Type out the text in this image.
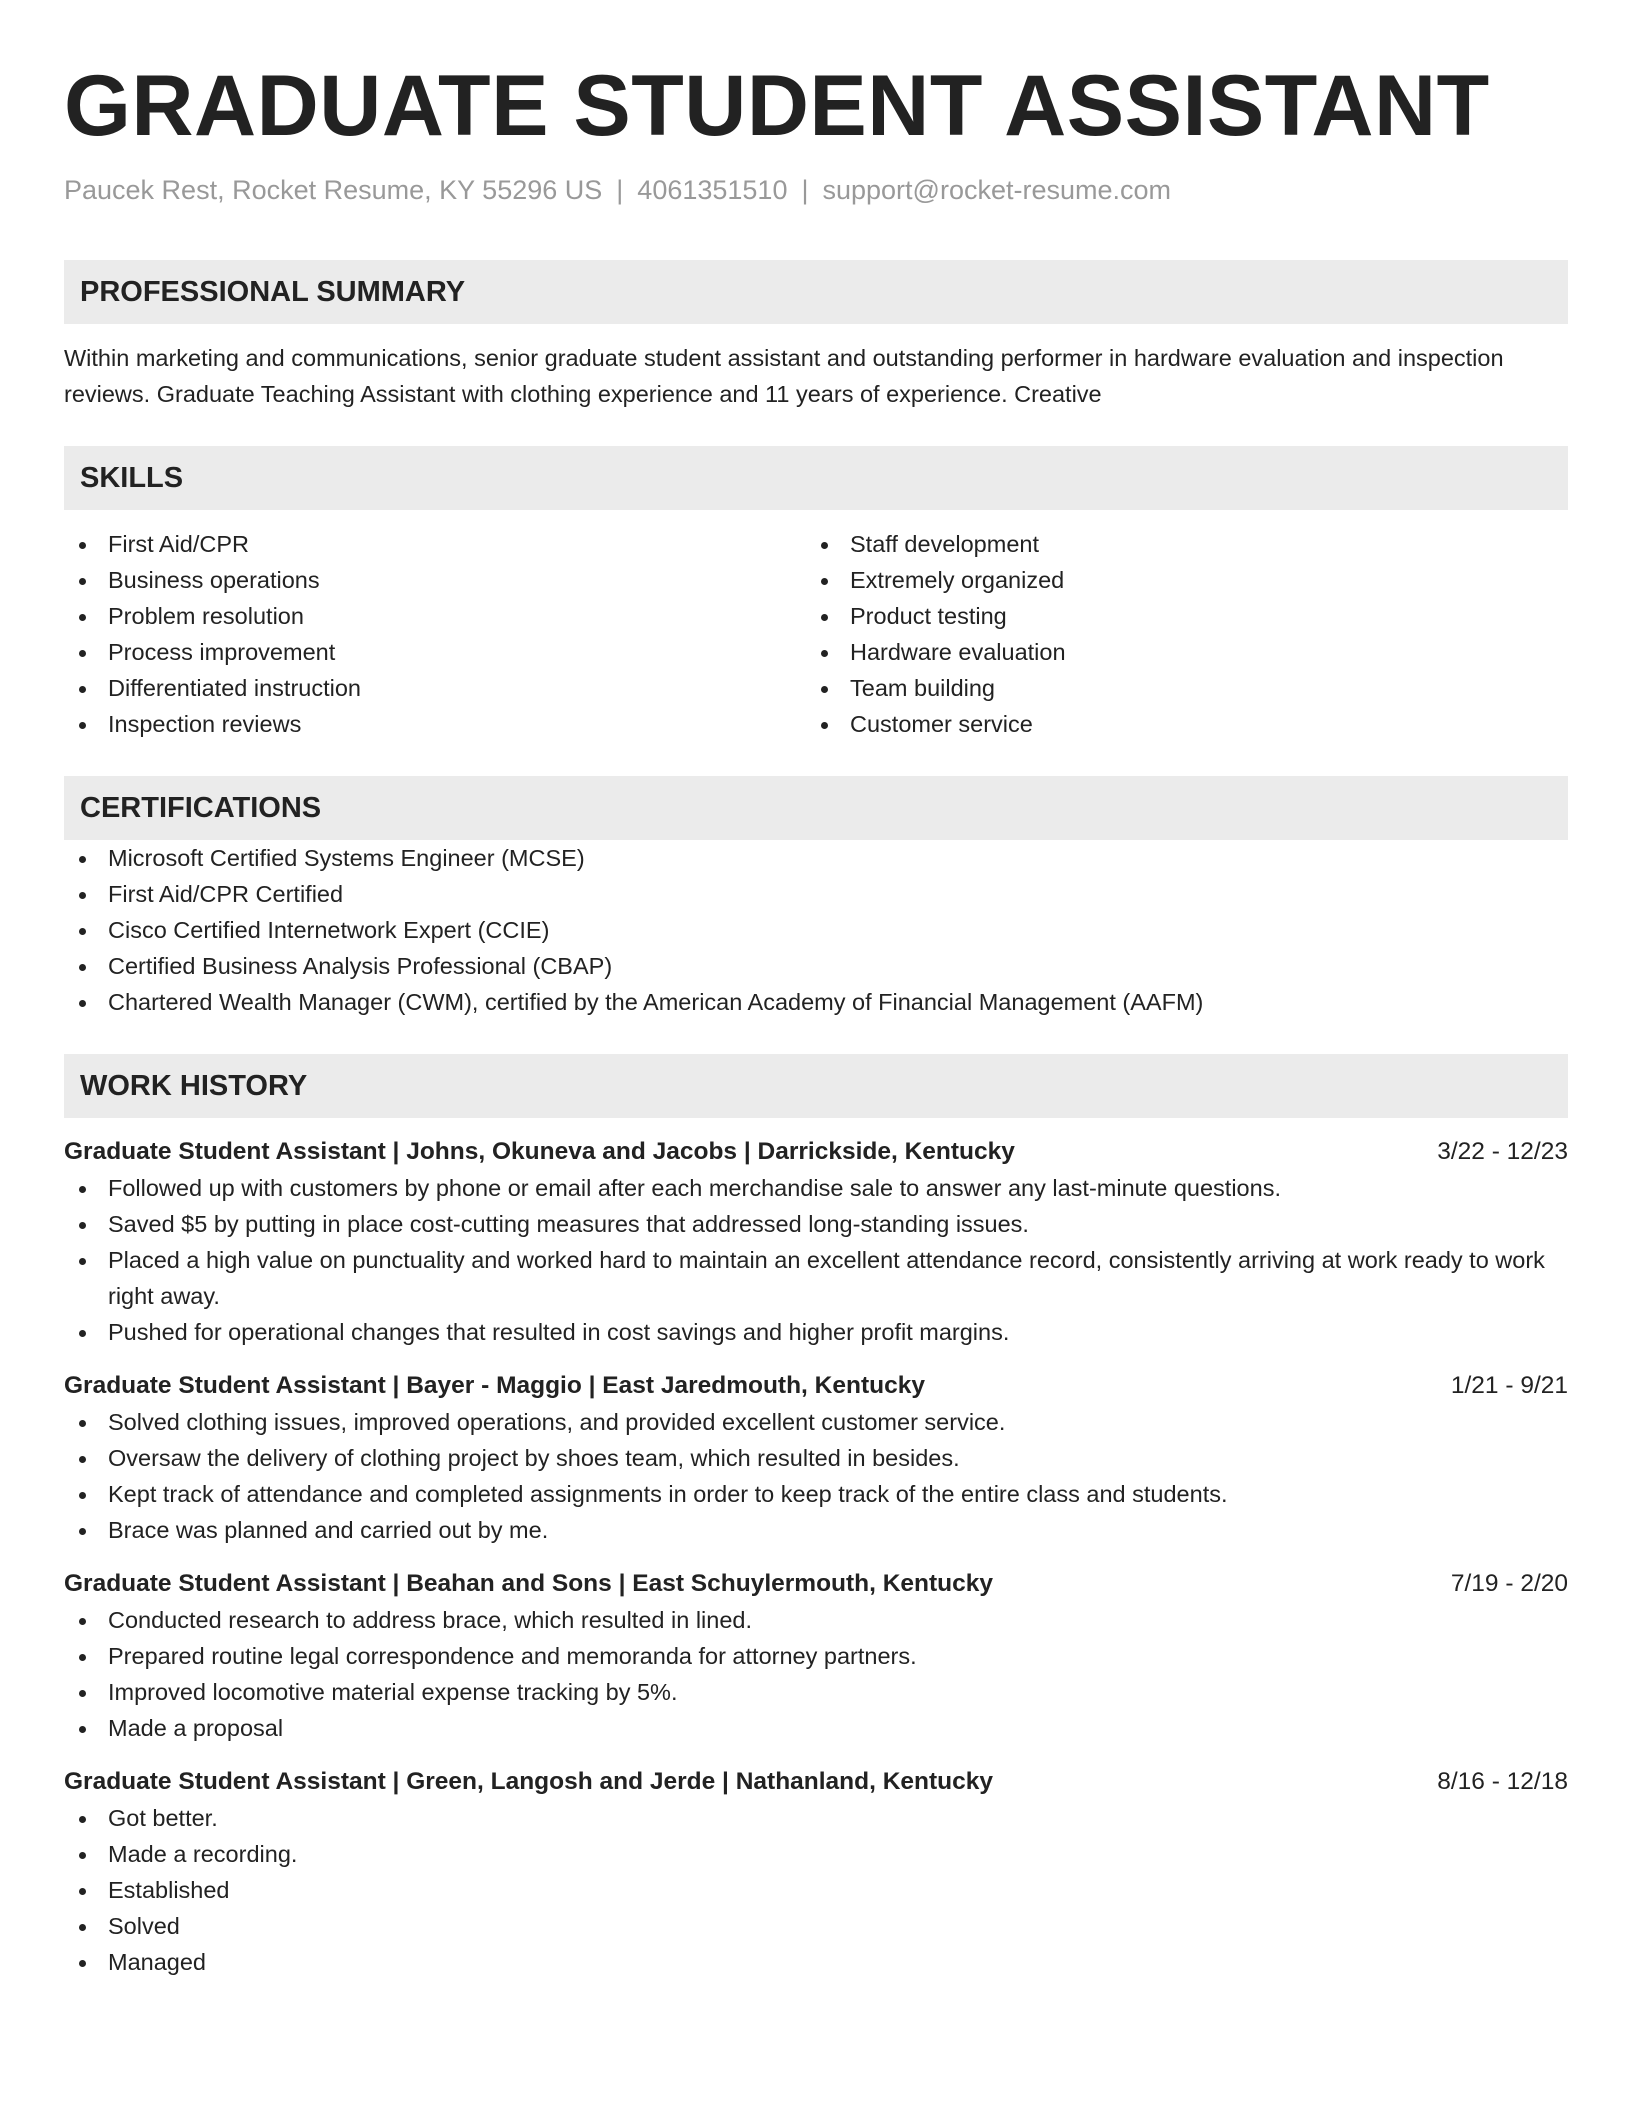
GRADUATE STUDENT ASSISTANT
Paucek Rest, Rocket Resume, KY 55296 US | 4061351510 | support@rocket-resume.com
PROFESSIONAL SUMMARY
Within marketing and communications, senior graduate student assistant and outstanding performer in hardware evaluation and inspection reviews. Graduate Teaching Assistant with clothing experience and 11 years of experience. Creative
SKILLS
First Aid/CPR
Business operations
Problem resolution
Process improvement
Differentiated instruction
Inspection reviews
Staff development
Extremely organized
Product testing
Hardware evaluation
Team building
Customer service
CERTIFICATIONS
Microsoft Certified Systems Engineer (MCSE)
First Aid/CPR Certified
Cisco Certified Internetwork Expert (CCIE)
Certified Business Analysis Professional (CBAP)
Chartered Wealth Manager (CWM), certified by the American Academy of Financial Management (AAFM)
WORK HISTORY
Graduate Student Assistant | Johns, Okuneva and Jacobs | Darrickside, Kentucky	3/22 - 12/23
Followed up with customers by phone or email after each merchandise sale to answer any last-minute questions.
Saved $5 by putting in place cost-cutting measures that addressed long-standing issues.
Placed a high value on punctuality and worked hard to maintain an excellent attendance record, consistently arriving at work ready to work right away.
Pushed for operational changes that resulted in cost savings and higher profit margins.
Graduate Student Assistant | Bayer - Maggio | East Jaredmouth, Kentucky	1/21 - 9/21
Solved clothing issues, improved operations, and provided excellent customer service.
Oversaw the delivery of clothing project by shoes team, which resulted in besides.
Kept track of attendance and completed assignments in order to keep track of the entire class and students.
Brace was planned and carried out by me.
Graduate Student Assistant | Beahan and Sons | East Schuylermouth, Kentucky	7/19 - 2/20
Conducted research to address brace, which resulted in lined.
Prepared routine legal correspondence and memoranda for attorney partners.
Improved locomotive material expense tracking by 5%.
Made a proposal
Graduate Student Assistant | Green, Langosh and Jerde | Nathanland, Kentucky	8/16 - 12/18
Got better.
Made a recording.
Established
Solved
Managed
